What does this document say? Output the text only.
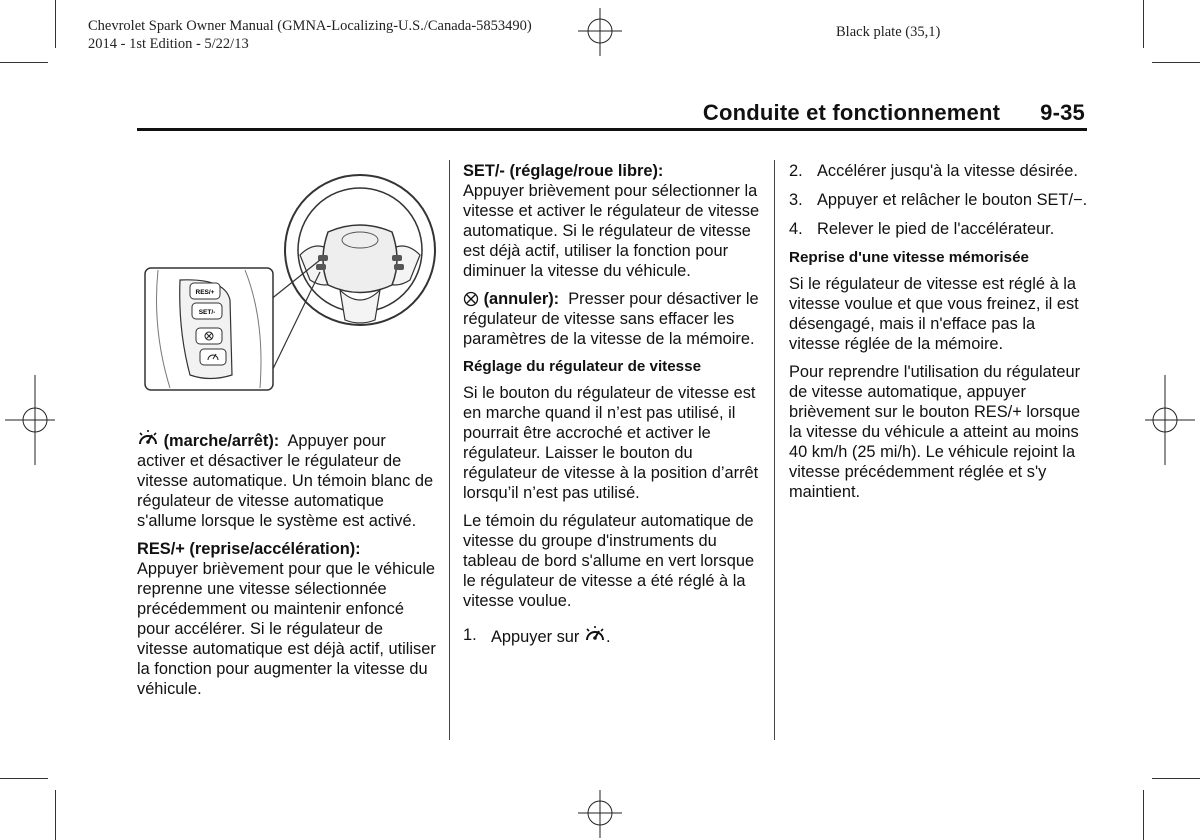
Chevrolet Spark Owner Manual (GMNA-Localizing-U.S./Canada-5853490)
2014 - 1st Edition - 5/22/13
Black plate (35,1)
Conduite et fonctionnement 9-35
RES/+
SET/-

(marche/arrêt): Appuyer pour activer et désactiver le régulateur de vitesse automatique. Un témoin blanc de régulateur de vitesse automatique s'allume lorsque le système est activé.

RES/+ (reprise/accélération):
Appuyer brièvement pour que le véhicule reprenne une vitesse sélectionnée précédemment ou maintenir enfoncé pour accélérer. Si le régulateur de vitesse automatique est déjà actif, utiliser la fonction pour augmenter la vitesse du véhicule.

SET/- (réglage/roue libre):
Appuyer brièvement pour sélectionner la vitesse et activer le régulateur de vitesse automatique. Si le régulateur de vitesse est déjà actif, utiliser la fonction pour diminuer la vitesse du véhicule.

(annuler): Presser pour désactiver le régulateur de vitesse sans effacer les paramètres de la vitesse de la mémoire.

Réglage du régulateur de vitesse

Si le bouton du régulateur de vitesse est en marche quand il n’est pas utilisé, il pourrait être accroché et activer le régulateur. Laisser le bouton du régulateur de vitesse à la position d’arrêt lorsqu’il n’est pas utilisé.

Le témoin du régulateur automatique de vitesse du groupe d'instruments du tableau de bord s'allume en vert lorsque le régulateur de vitesse a été réglé à la vitesse voulue.

1. Appuyer sur .
2. Accélérer jusqu'à la vitesse désirée.
3. Appuyer et relâcher le bouton SET/−.
4. Relever le pied de l'accélérateur.

Reprise d'une vitesse mémorisée

Si le régulateur de vitesse est réglé à la vitesse voulue et que vous freinez, il est désengagé, mais il n'efface pas la vitesse réglée de la mémoire.

Pour reprendre l'utilisation du régulateur de vitesse automatique, appuyer brièvement sur le bouton RES/+ lorsque la vitesse du véhicule a atteint au moins 40 km/h (25 mi/h). Le véhicule rejoint la vitesse précédemment réglée et s'y maintient.
